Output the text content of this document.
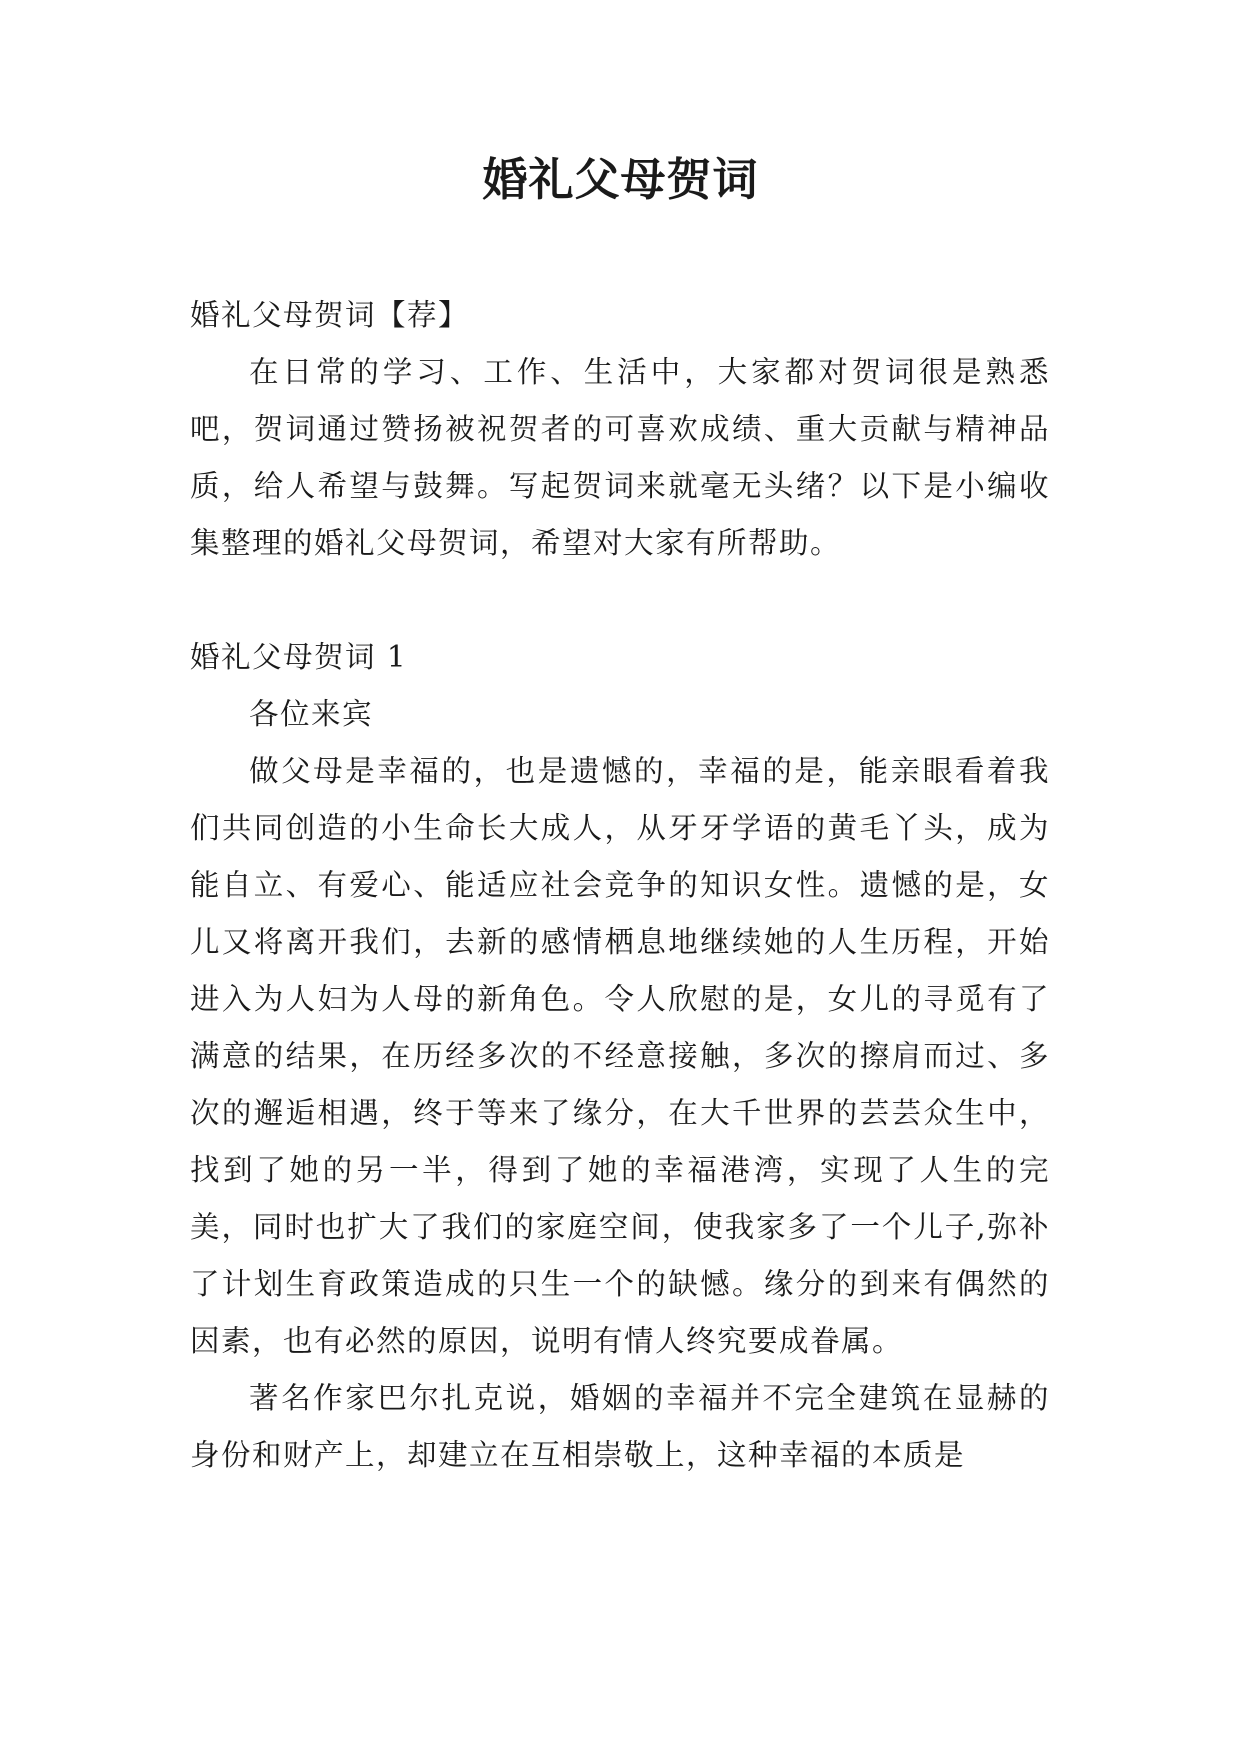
婚礼父母贺词

婚礼父母贺词【荐】

在日常的学习、工作、生活中，大家都对贺词很是熟悉吧，贺词通过赞扬被祝贺者的可喜欢成绩、重大贡献与精神品质，给人希望与鼓舞。写起贺词来就毫无头绪？以下是小编收集整理的婚礼父母贺词，希望对大家有所帮助。

婚礼父母贺词 1

各位来宾

做父母是幸福的，也是遗憾的，幸福的是，能亲眼看着我们共同创造的小生命长大成人，从牙牙学语的黄毛丫头，成为能自立、有爱心、能适应社会竞争的知识女性。遗憾的是，女儿又将离开我们，去新的感情栖息地继续她的人生历程，开始进入为人妇为人母的新角色。令人欣慰的是，女儿的寻觅有了满意的结果，在历经多次的不经意接触，多次的擦肩而过、多次的邂逅相遇，终于等来了缘分，在大千世界的芸芸众生中，找到了她的另一半，得到了她的幸福港湾，实现了人生的完美，同时也扩大了我们的家庭空间，使我家多了一个儿子,弥补了计划生育政策造成的只生一个的缺憾。缘分的到来有偶然的因素，也有必然的原因，说明有情人终究要成眷属。

著名作家巴尔扎克说，婚姻的幸福并不完全建筑在显赫的身份和财产上，却建立在互相崇敬上，这种幸福的本质是
